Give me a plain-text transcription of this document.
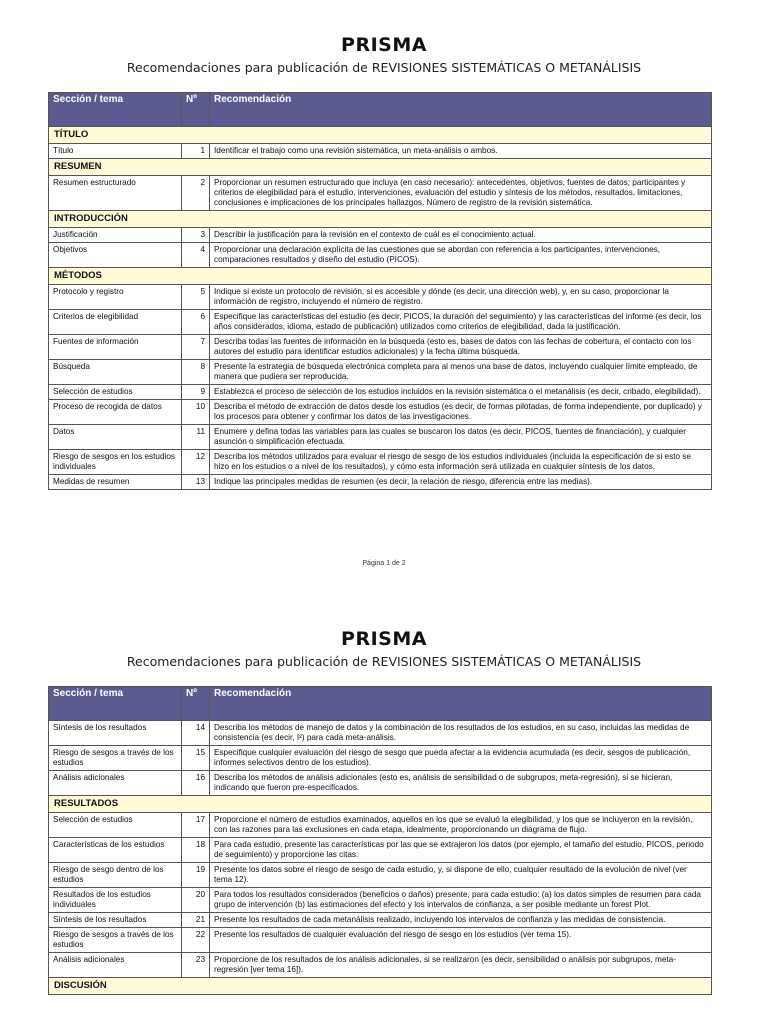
PRISMA
Recomendaciones para publicación de REVISIONES SISTEMÁTICAS O METANÁLISIS
Sección / tema	Nº	Recomendación
TÍTULO		
Título	1	Identificar el trabajo como una revisión sistemática, un meta-análisis o ambos.
RESUMEN		
Resumen estructurado	2	Proporcionar un resumen estructurado que incluya (en caso necesario): antecedentes, objetivos, fuentes de datos; participantes y criterios de elegibilidad para el estudio, intervenciones, evaluación del estudio y síntesis de los métodos, resultados, limitaciones, conclusiones e implicaciones de los principales hallazgos. Número de registro de la revisión sistemática.
INTRODUCCIÓN		
Justificación	3	Describir la justificación para la revisión en el contexto de cuál es el conocimiento actual.
Objetivos	4	Proporcionar una declaración explícita de las cuestiones que se abordan con referencia a los participantes, intervenciones, comparaciones resultados y diseño del estudio (PICOS).
MÉTODOS		
Protocolo y registro	5	Indique si existe un protocolo de revisión, si es accesible y dónde (es decir, una dirección web), y, en su caso, proporcionar la información de registro, incluyendo el número de registro.
Criterios de elegibilidad	6	Especifique las características del estudio (es decir, PICOS, la duración del seguimiento) y las características del informe (es decir, los años considerados, idioma, estado de publicación) utilizados como criterios de elegibilidad, dada la justificación.
Fuentes de información	7	Describa todas las fuentes de información en la búsqueda (esto es, bases de datos con las fechas de cobertura, el contacto con los autores del estudio para identificar estudios adicionales) y la fecha última búsqueda.
Búsqueda	8	Presente la estrategia de búsqueda electrónica completa para al menos una base de datos, incluyendo cualquier límite empleado, de manera que pudiera ser reproducida.
Selección de estudios	9	Establezca el proceso de selección de los estudios incluidos en la revisión sistemática o el metanálisis (es decir, cribado, elegibilidad).
Proceso de recogida de datos	10	Describa el método de extracción de datos desde los estudios (es decir, de formas pilotadas, de forma independiente, por duplicado) y los procesos para obtener y confirmar los datos de las investigaciones.
Datos	11	Enumere y defina todas las variables para las cuales se buscaron los datos (es decir, PICOS, fuentes de financiación), y cualquier asunción o simplificación efectuada.
Riesgo de sesgos en los estudios individuales	12	Describa los métodos utilizados para evaluar el riesgo de sesgo de los estudios individuales (incluida la especificación de si esto se hizo en los estudios o a nivel de los resultados), y cómo esta información será utilizada en cualquier síntesis de los datos.
Medidas de resumen	13	Indique las principales medidas de resumen (es decir, la relación de riesgo, diferencia entre las medias).
Página 1 de 2
PRISMA
Recomendaciones para publicación de REVISIONES SISTEMÁTICAS O METANÁLISIS
Sección / tema	Nº	Recomendación
Síntesis de los resultados	14	Describa los métodos de manejo de datos y la combinación de los resultados de los estudios, en su caso, incluidas las medidas de consistencia (es decir, I²) para cada meta-análisis.
Riesgo de sesgos a través de los estudios	15	Especifique cualquier evaluación del riesgo de sesgo que pueda afectar a la evidencia acumulada (es decir, sesgos de publicación, informes selectivos dentro de los estudios).
Análisis adicionales	16	Describa los métodos de análisis adicionales (esto es, análisis de sensibilidad o de subgrupos, meta-regresión), si se hicieran, indicando que fueron pre-especificados.
RESULTADOS		
Selección de estudios	17	Proporcione el número de estudios examinados, aquellos en los que se evaluó la elegibilidad, y los que se incluyeron en la revisión, con las razones para las exclusiones en cada etapa, idealmente, proporcionando un diagrama de flujo.
Características de los estudios	18	Para cada estudio, presente las características por las que se extrajeron los datos (por ejemplo, el tamaño del estudio, PICOS, periodo de seguimiento) y proporcione las citas.
Riesgo de sesgo dentro de los estudios	19	Presente los datos sobre el riesgo de sesgo de cada estudio, y, si dispone de ello, cualquier resultado de la evolución de nivel (ver tema 12).
Resultados de los estudios individuales	20	Para todos los resultados considerados (beneficios o daños) presente, para cada estudio: (a) los datos simples de resumen para cada grupo de intervención (b) las estimaciones del efecto y los intervalos de confianza, a ser posible mediante un forest Plot.
Síntesis de los resultados	21	Presente los resultados de cada metanálisis realizado, incluyendo los intervalos de confianza y las medidas de consistencia.
Riesgo de sesgos a través de los estudios	22	Presente los resultados de cualquier evaluación del riesgo de sesgo en los estudios (ver tema 15).
Análisis adicionales	23	Proporcione de los resultados de los análisis adicionales, si se realizaron (es decir, sensibilidad o análisis por subgrupos, meta-regresión [ver tema 16]).
DISCUSIÓN		
